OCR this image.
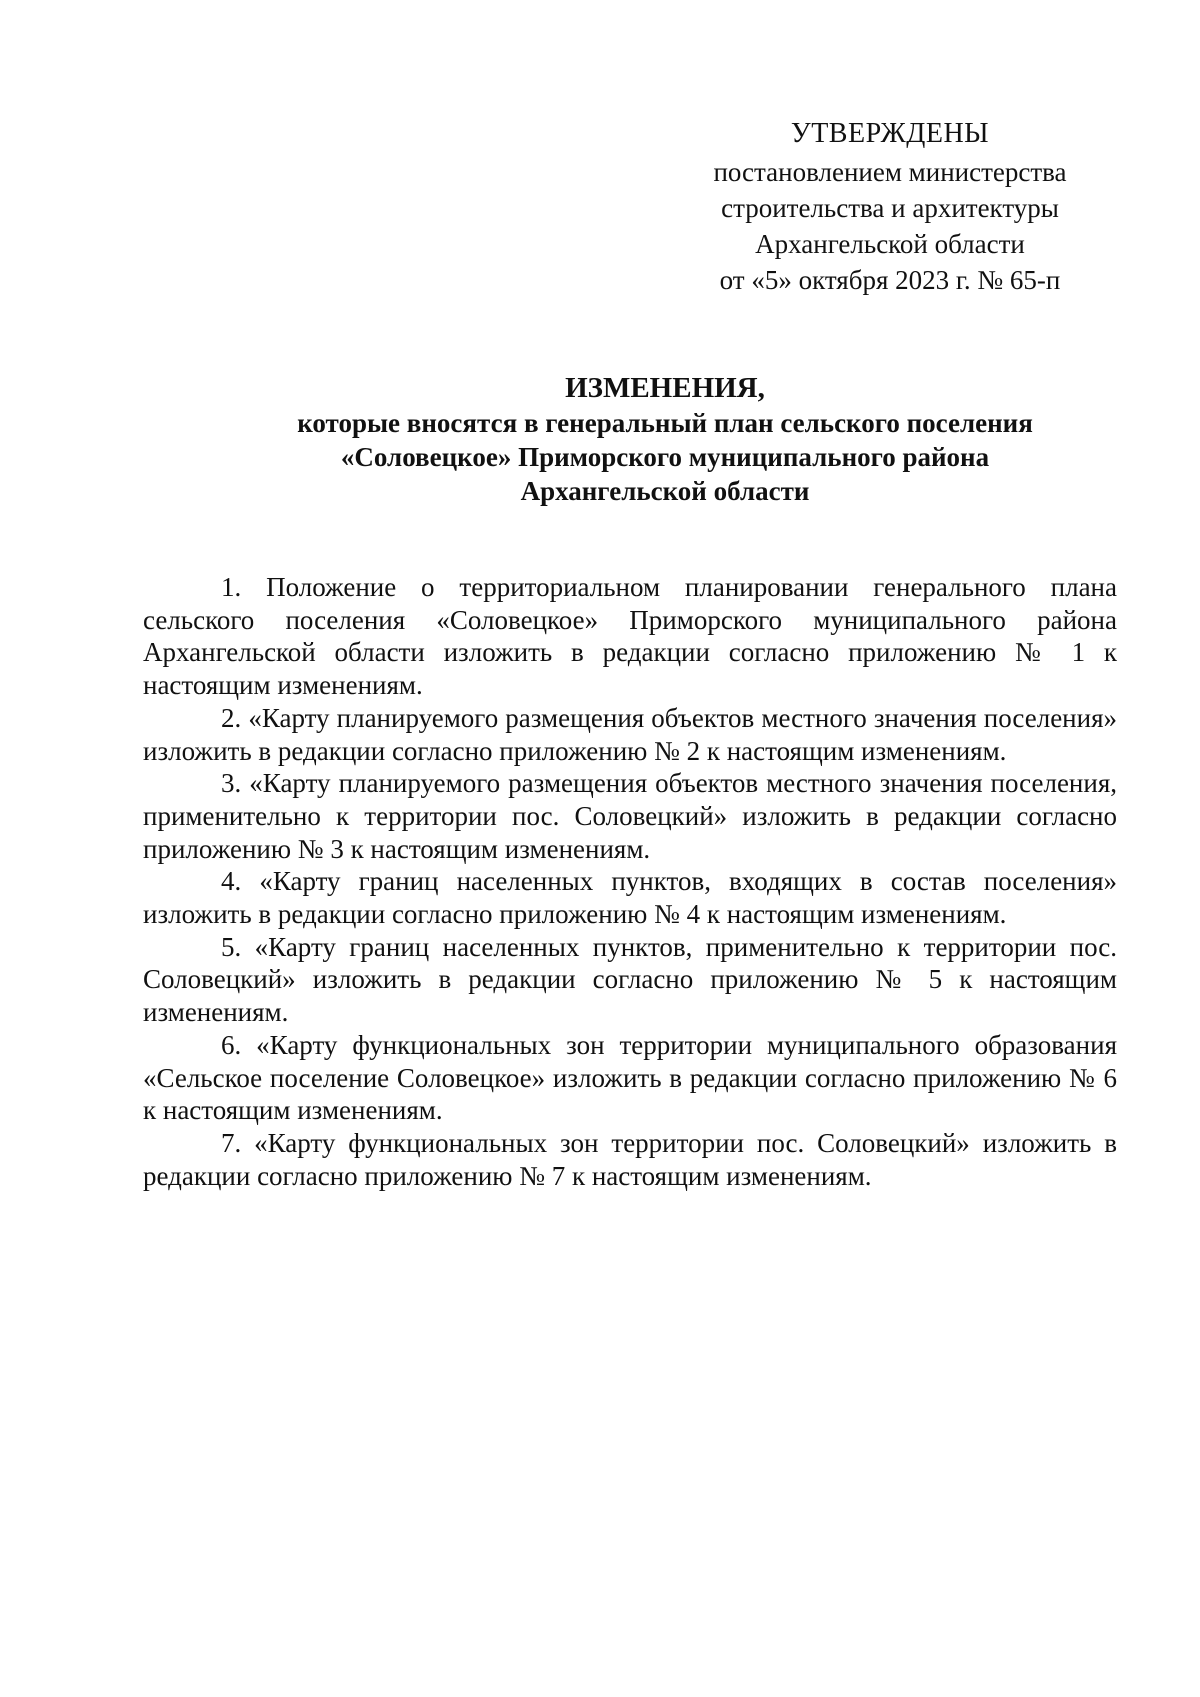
УТВЕРЖДЕНЫ
постановлением министерства
строительства и архитектуры
Архангельской области
от «5» октября 2023 г. № 65-п
ИЗМЕНЕНИЯ,
которые вносятся в генеральный план сельского поселения
«Соловецкое» Приморского муниципального района
Архангельской области

1. Положение о территориальном планировании генерального плана сельского поселения «Соловецкое» Приморского муниципального района Архангельской области изложить в редакции согласно приложению № 1 к настоящим изменениям.

2. «Карту планируемого размещения объектов местного значения поселения» изложить в редакции согласно приложению № 2 к настоящим изменениям.

3. «Карту планируемого размещения объектов местного значения поселения, применительно к территории пос. Соловецкий» изложить в редакции согласно приложению № 3 к настоящим изменениям.

4. «Карту границ населенных пунктов, входящих в состав поселения» изложить в редакции согласно приложению № 4 к настоящим изменениям.

5. «Карту границ населенных пунктов, применительно к территории пос. Соловецкий» изложить в редакции согласно приложению № 5 к настоящим изменениям.

6. «Карту функциональных зон территории муниципального образования «Сельское поселение Соловецкое» изложить в редакции согласно приложению № 6 к настоящим изменениям.

7. «Карту функциональных зон территории пос. Соловецкий» изложить в редакции согласно приложению № 7 к настоящим изменениям.
